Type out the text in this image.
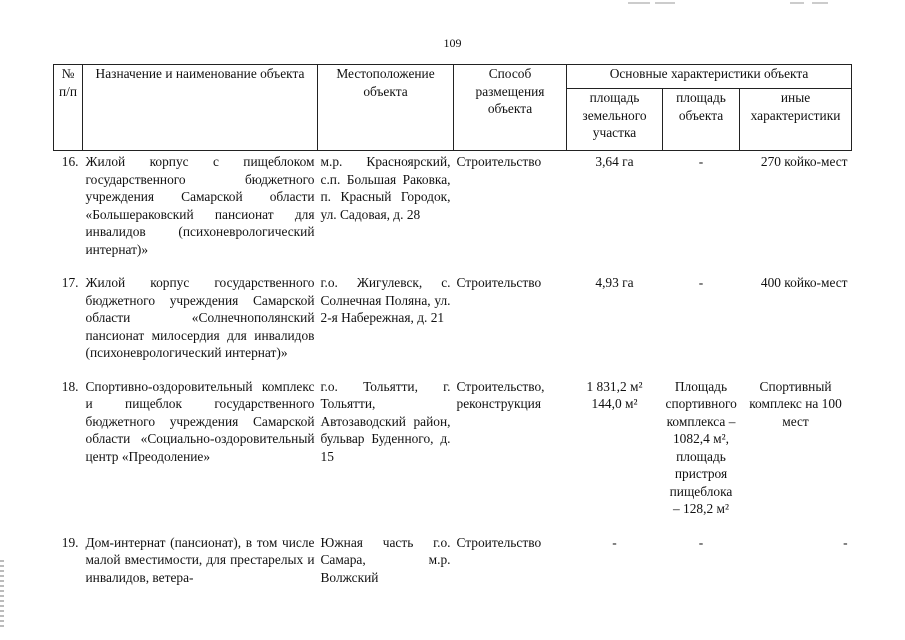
109
№ п/п	Назначение и наименование объекта	Местоположение объекта	Способ размещения объекта	Основные характеристики объекта		
				площадь земельного участка	площадь объекта	иные характеристики
16.	Жилой корпус с пищеблоком государственного бюджетного учреждения Самарской области «Большераковский пансионат для инвалидов (психоневрологический интернат)»	м.р. Красноярский, с.п. Большая Раковка, п. Красный Городок, ул. Садовая, д. 28	Строительство	3,64 га	-	270 койко-мест

17.	Жилой корпус государственного бюджетного учреждения Самарской области «Солнечнополянский пансионат милосердия для инвалидов (психоневрологический интернат)»	г.о. Жигулевск, с. Солнечная Поляна, ул. 2-я Набережная, д. 21	Строительство	4,93 га	-	400 койко-мест

18.	Спортивно-оздоровительный комплекс и пищеблок государственного бюджетного учреждения Самарской области «Социально-оздоровительный центр «Преодоление»	г.о. Тольятти, г. Тольятти, Автозаводский район, бульвар Буденного, д. 15	Строительство, реконструкция	1 831,2 м²
144,0 м²	Площадь спортивного комплекса – 1082,4 м², площадь пристроя пищеблока – 128,2 м²	Спортивный комплекс на 100 мест

19.	Дом-интернат (пансионат), в том числе малой вместимости, для престарелых и инвалидов, ветера-	Южная часть г.о. Самара, м.р. Волжский	Строительство	-	-	-
